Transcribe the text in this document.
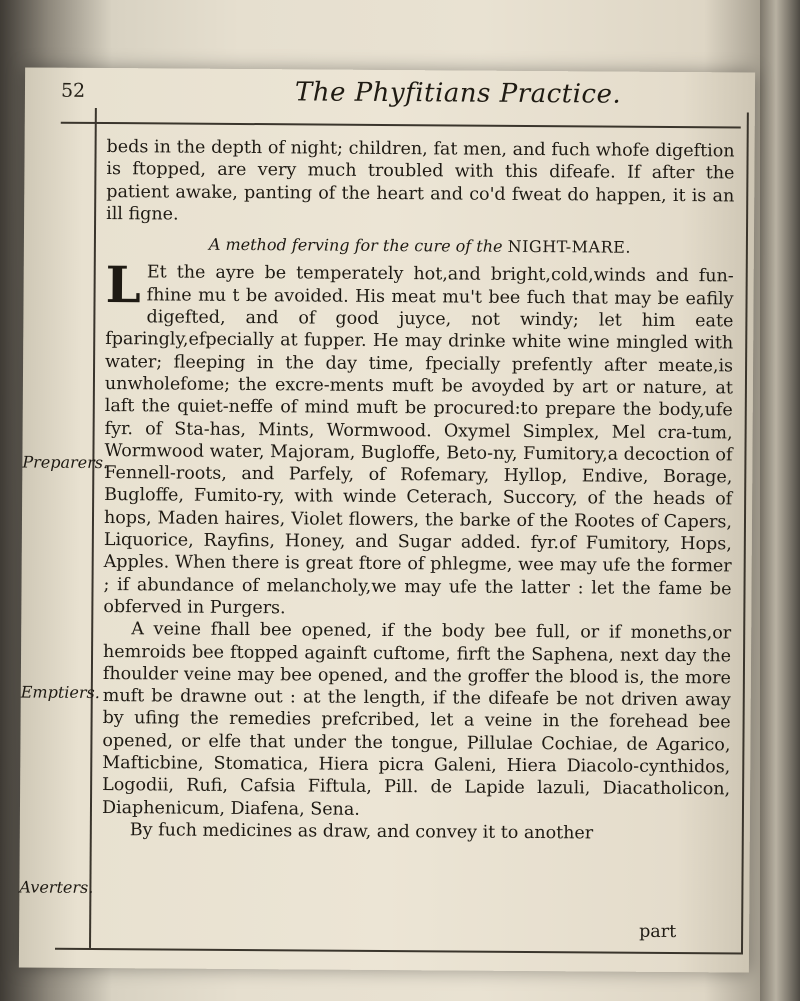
52	The Phyfitians Practice.
Preparers.
Emptiers.
Averters.

beds in the depth of night; children, fat men, and fuch whofe digeftion is ftopped, are very much troubled with this difeafe. If after the patient awake, panting of the heart and co'd fweat do happen, it is an ill figne.

A method ferving for the cure of the NIGHT-MARE.

L Et the ayre be temperately hot,and bright,cold,winds and fun-fhine mu t be avoided. His meat mu't bee fuch that may be eafily digefted, and of good juyce, not windy; let him eate fparingly,efpecially at fupper. He may drinke white wine mingled with water; fleeping in the day time, fpecially prefently after meate,is unwholefome; the excre-ments muft be avoyded by art or nature, at laft the quiet-neffe of mind muft be procured:to prepare the body,ufe fyr. of Sta-has, Mints, Wormwood. Oxymel Simplex, Mel cra-tum, Wormwood water, Majoram, Bugloffe, Beto-ny, Fumitory,a decoction of Fennell-roots, and Parfely, of Rofemary, Hyllop, Endive, Borage, Bugloffe, Fumito-ry, with winde Ceterach, Succory, of the heads of hops, Maden haires, Violet flowers, the barke of the Rootes of Capers, Liquorice, Rayfins, Honey, and Sugar added. fyr.of Fumitory, Hops, Apples. When there is great ftore of phlegme, wee may ufe the former ; if abundance of melancholy,we may ufe the latter : let the fame be obferved in Purgers.

A veine fhall bee opened, if the body bee full, or if moneths,or hemroids bee ftopped againft cuftome, firft the Saphena, next day the fhoulder veine may bee opened, and the groffer the blood is, the more muft be drawne out : at the length, if the difeafe be not driven away by ufing the remedies prefcribed, let a veine in the forehead bee opened, or elfe that under the tongue, Pillulae Cochiae, de Agarico, Mafticbine, Stomatica, Hiera picra Galeni, Hiera Diacolo-cynthidos, Logodii, Rufi, Cafsia Fiftula, Pill. de Lapide lazuli, Diacatholicon, Diaphenicum, Diafena, Sena.

By fuch medicines as draw, and convey it to another

part
